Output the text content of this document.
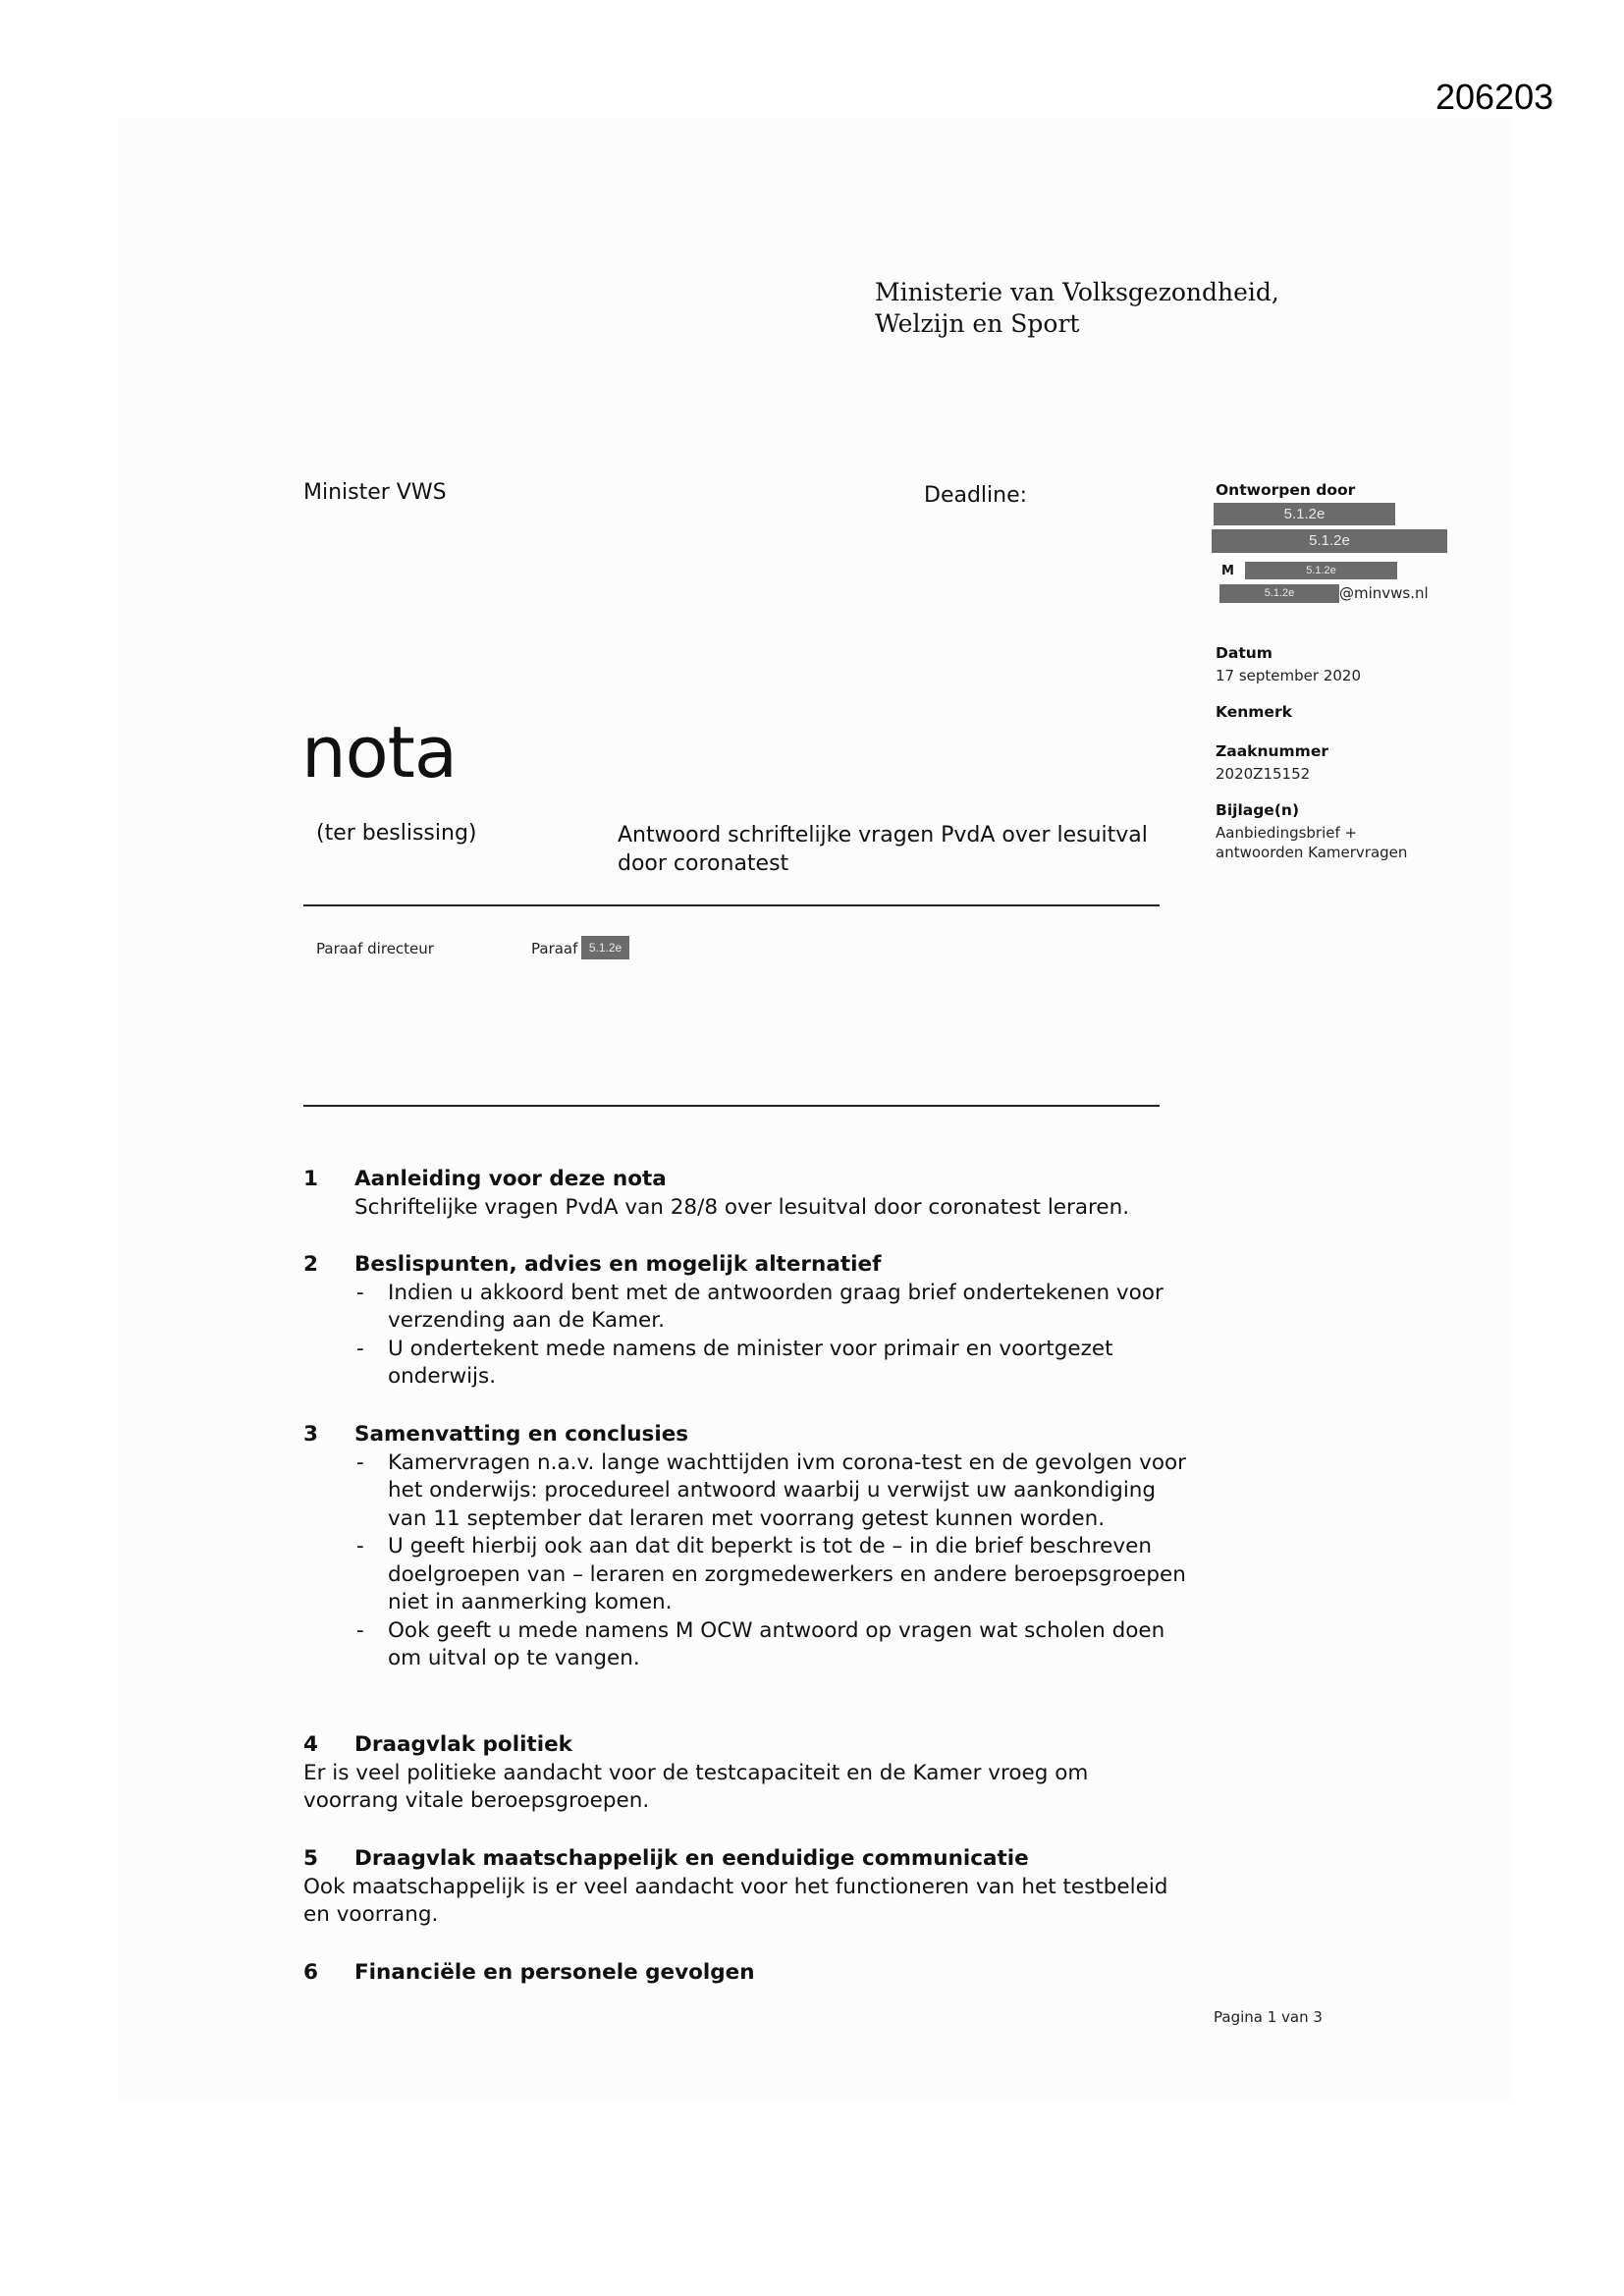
206203
Ministerie van Volksgezondheid,
Welzijn en Sport
Minister VWS	Deadline:	Ontworpen door
5.1.2e
5.1.2e
M	5.1.2e
5.1.2e	@minvws.nl
Datum
17 september 2020
Kenmerk
Zaaknummer
2020Z15152
Bijlage(n)
Aanbiedingsbrief +
antwoorden Kamervragen
nota
(ter beslissing)	Antwoord schriftelijke vragen PvdA over lesuitval door coronatest
Paraaf directeur	Paraaf 5.1.2e
1	Aanleiding voor deze nota
Schriftelijke vragen PvdA van 28/8 over lesuitval door coronatest leraren.
2	Beslispunten, advies en mogelijk alternatief
- Indien u akkoord bent met de antwoorden graag brief ondertekenen voor verzending aan de Kamer.
- U ondertekent mede namens de minister voor primair en voortgezet onderwijs.
3	Samenvatting en conclusies
- Kamervragen n.a.v. lange wachttijden ivm corona-test en de gevolgen voor het onderwijs: procedureel antwoord waarbij u verwijst uw aankondiging van 11 september dat leraren met voorrang getest kunnen worden.
- U geeft hierbij ook aan dat dit beperkt is tot de – in die brief beschreven doelgroepen van – leraren en zorgmedewerkers en andere beroepsgroepen niet in aanmerking komen.
- Ook geeft u mede namens M OCW antwoord op vragen wat scholen doen om uitval op te vangen.
4	Draagvlak politiek
Er is veel politieke aandacht voor de testcapaciteit en de Kamer vroeg om voorrang vitale beroepsgroepen.
5	Draagvlak maatschappelijk en eenduidige communicatie
Ook maatschappelijk is er veel aandacht voor het functioneren van het testbeleid en voorrang.
6	Financiële en personele gevolgen
Pagina 1 van 3
